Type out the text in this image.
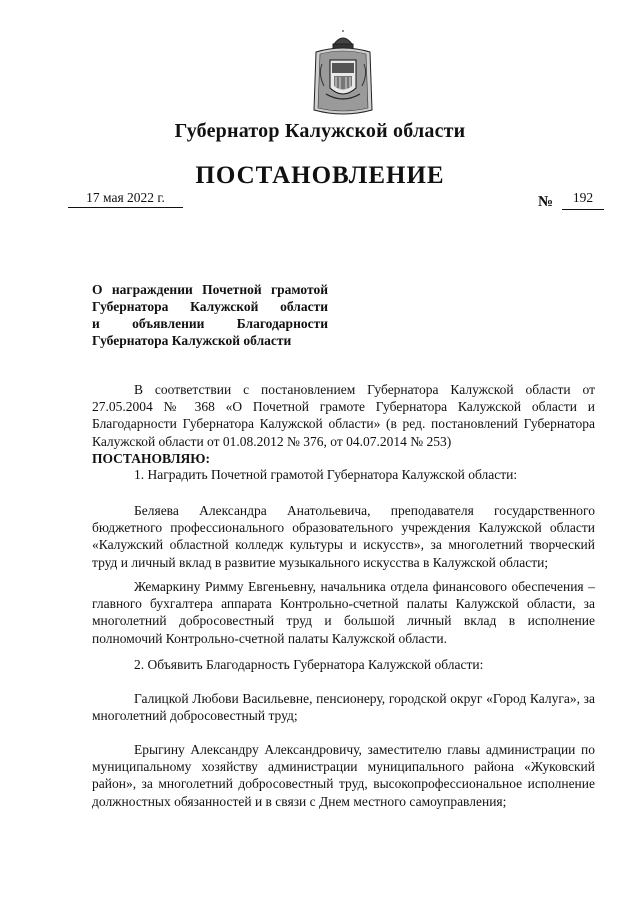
Губернатор Калужской области
ПОСТАНОВЛЕНИЕ
17 мая 2022 г.	№	192
О награждении Почетной грамотой
Губернатора Калужской области
и объявлении Благодарности
Губернатора Калужской области
В соответствии с постановлением Губернатора Калужской области от 27.05.2004 № 368 «О Почетной грамоте Губернатора Калужской области и Благодарности Губернатора Калужской области» (в ред. постановлений Губернатора Калужской области от 01.08.2012 № 376, от 04.07.2014 № 253)
ПОСТАНОВЛЯЮ:
1. Наградить Почетной грамотой Губернатора Калужской области:
Беляева Александра Анатольевича, преподавателя государственного бюджетного профессионального образовательного учреждения Калужской области «Калужский областной колледж культуры и искусств», за многолетний творческий труд и личный вклад в развитие музыкального искусства в Калужской области;
Жемаркину Римму Евгеньевну, начальника отдела финансового обеспечения – главного бухгалтера аппарата Контрольно-счетной палаты Калужской области, за многолетний добросовестный труд и большой личный вклад в исполнение полномочий Контрольно-счетной палаты Калужской области.
2. Объявить Благодарность Губернатора Калужской области:
Галицкой Любови Васильевне, пенсионеру, городской округ «Город Калуга», за многолетний добросовестный труд;
Ерыгину Александру Александровичу, заместителю главы администрации по муниципальному хозяйству администрации муниципального района «Жуковский район», за многолетний добросовестный труд, высокопрофессиональное исполнение должностных обязанностей и в связи с Днем местного самоуправления;
